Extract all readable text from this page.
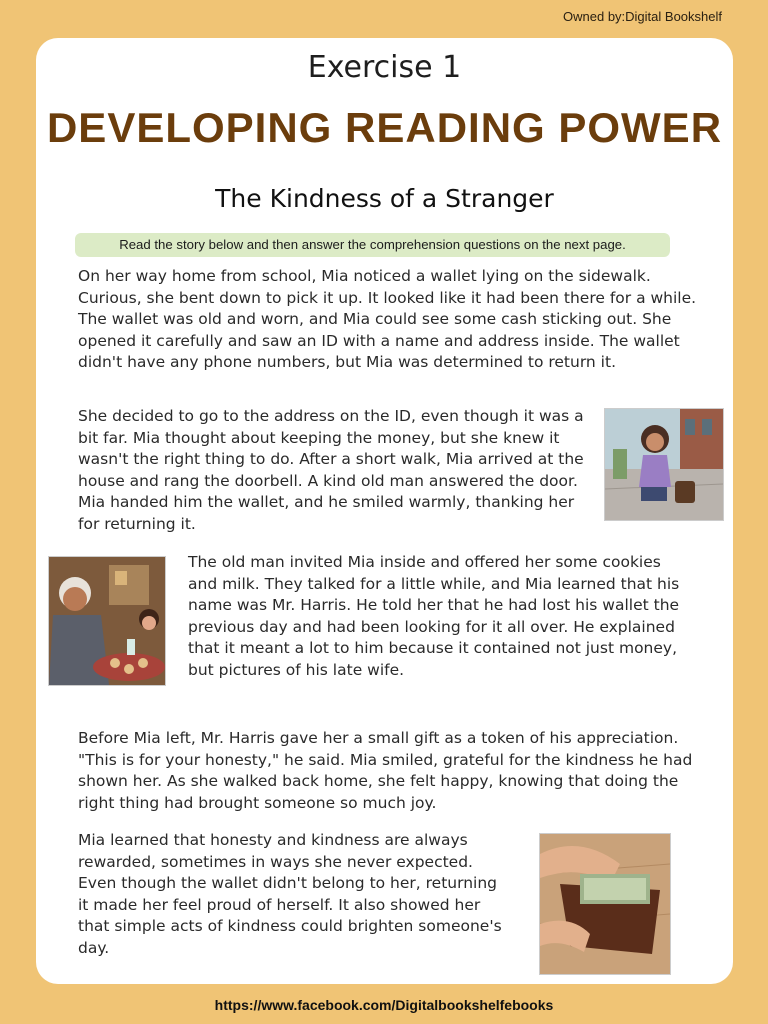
Owned by:Digital Bookshelf
Exercise 1
DEVELOPING READING POWER
The Kindness of a Stranger
Read the story below and then answer the comprehension questions on the next page.

On her way home from school, Mia noticed a wallet lying on the sidewalk. Curious, she bent down to pick it up. It looked like it had been there for a while. The wallet was old and worn, and Mia could see some cash sticking out. She opened it carefully and saw an ID with a name and address inside. The wallet didn't have any phone numbers, but Mia was determined to return it.

She decided to go to the address on the ID, even though it was a bit far. Mia thought about keeping the money, but she knew it wasn't the right thing to do. After a short walk, Mia arrived at the house and rang the doorbell. A kind old man answered the door. Mia handed him the wallet, and he smiled warmly, thanking her for returning it.

The old man invited Mia inside and offered her some cookies and milk. They talked for a little while, and Mia learned that his name was Mr. Harris. He told her that he had lost his wallet the previous day and had been looking for it all over. He explained that it meant a lot to him because it contained not just money, but pictures of his late wife.

Before Mia left, Mr. Harris gave her a small gift as a token of his appreciation. "This is for your honesty," he said. Mia smiled, grateful for the kindness he had shown her. As she walked back home, she felt happy, knowing that doing the right thing had brought someone so much joy.

Mia learned that honesty and kindness are always rewarded, sometimes in ways she never expected. Even though the wallet didn't belong to her, returning it made her feel proud of herself. It also showed her that simple acts of kindness could brighten someone's day.

https://www.facebook.com/Digitalbookshelfebooks
